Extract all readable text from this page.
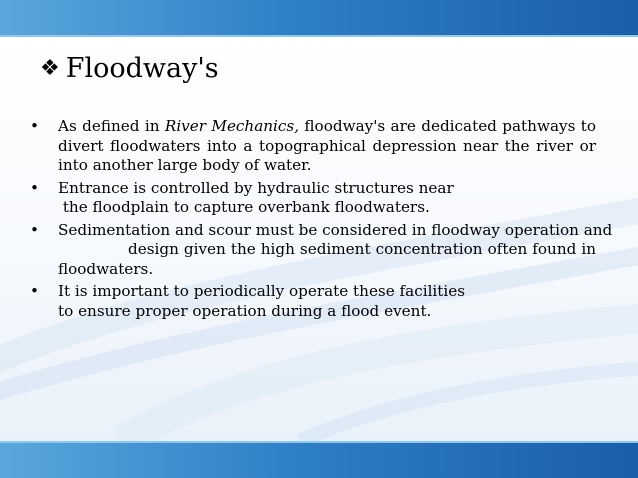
❖ Floodway's
• As defined in River Mechanics, floodway's are dedicated pathways to divert floodwaters into a topographical depression near the river or into another large body of water.
• Entrance is controlled by hydraulic structures near
the floodplain to capture overbank floodwaters.
• Sedimentation and scour must be considered in floodway operation and
design given the high sediment concentration often found in floodwaters.
• It is important to periodically operate these facilities
to ensure proper operation during a flood event.
